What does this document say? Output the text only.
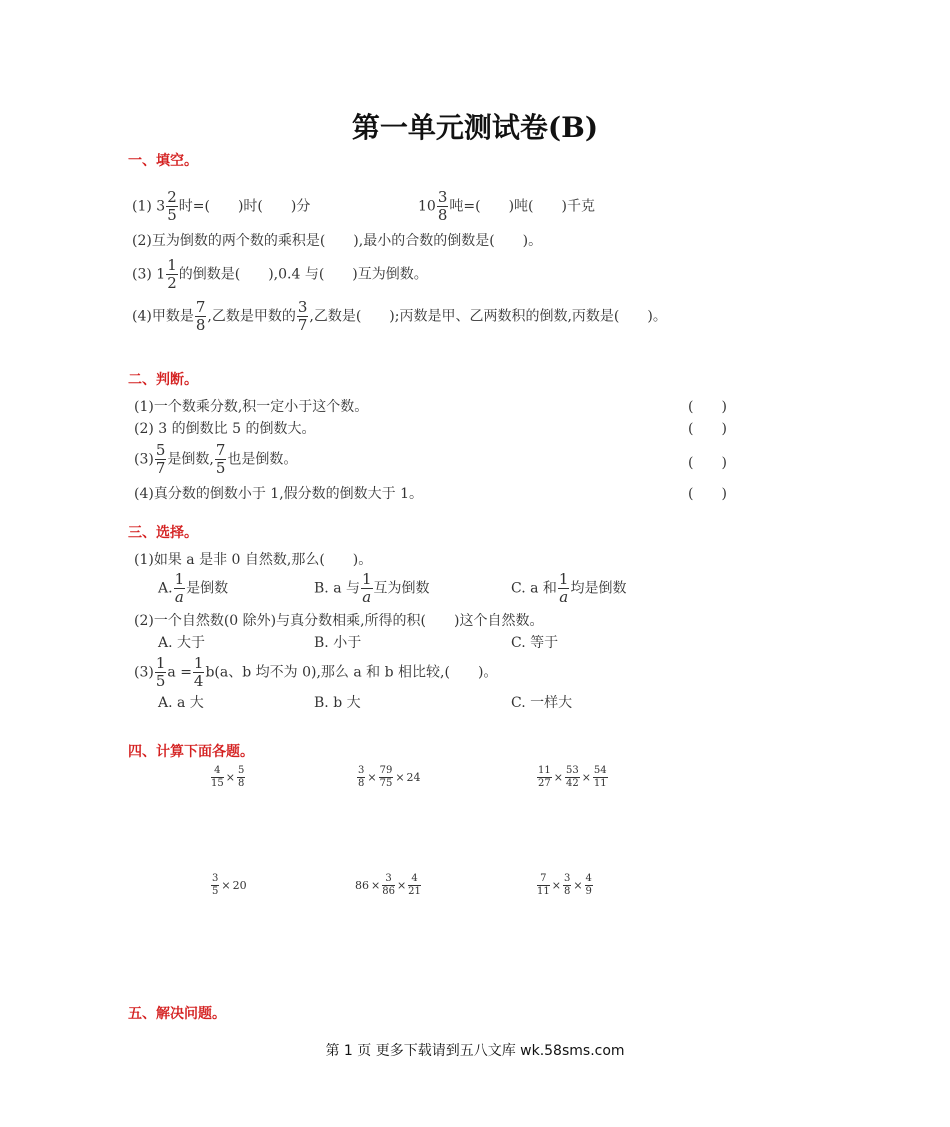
第一单元测试卷(B)
一、填空。
(1) $3 \frac{2}{5}$ 时=(　　)时(　　)分	$10 \frac{3}{8}$ 吨=(　　)吨(　　)千克
(2)互为倒数的两个数的乘积是(　　),最小的合数的倒数是(　　)。
(3) $1 \frac{1}{2}$ 的倒数是(　　),0.4 与(　　)互为倒数。
(4)甲数是 $\frac{7}{8}$ ,乙数是甲数的 $\frac{3}{7}$ ,乙数是(　　);丙数是甲、乙两数积的倒数,丙数是(　　)。
二、判断。
(1)一个数乘分数,积一定小于这个数。	(　　)
(2) 3 的倒数比 5 的倒数大。	(　　)
$(3) \frac{5}{7}$ 是倒数, $\frac{7}{5}$ 也是倒数。	(　　)
(4)真分数的倒数小于 1,假分数的倒数大于 1。	(　　)
三、选择。
(1)如果 a 是非 0 自然数,那么(　　)。
A. $\frac{1}{a}$ 是倒数	B. a 与 $\frac{1}{a}$ 互为倒数	C. a 和 $\frac{1}{a}$ 均是倒数
(2)一个自然数(0 除外)与真分数相乘,所得的积(　　)这个自然数。
A. 大于	B. 小于	C. 等于
$(3) \frac{1}{5}$ $a = \frac{1}{4} b(a$、b 均不为 0),那么 a 和 b 相比较,(　　)。
A. a 大	B. b 大	C. 一样大
四、计算下面各题。
$\frac{4}{15} \times \frac{5}{8}$	$\frac{3}{8} \times \frac{79}{75} \times 24$	$\frac{11}{27} \times \frac{53}{42} \times \frac{54}{11}$
$\frac{3}{5} \times 20$	$86 \times \frac{3}{86} \times \frac{4}{21}$	$\frac{7}{11} \times \frac{3}{8} \times \frac{4}{9}$
五、解决问题。
第 1 页 更多下载请到五八文库 wk.58sms.com
